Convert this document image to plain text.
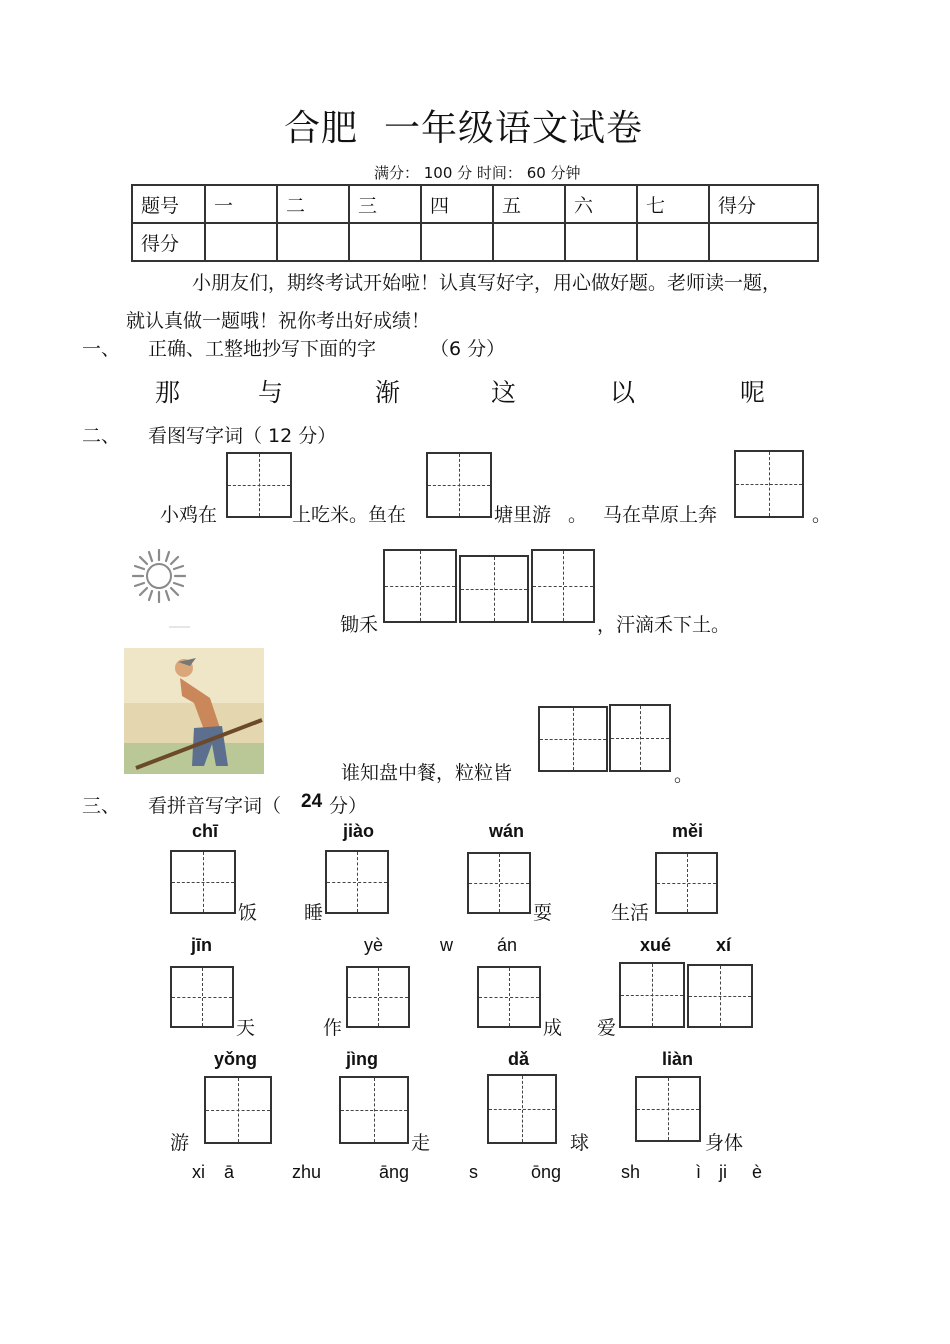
合肥 一年级语文试卷
满分： 100 分 时间： 60 分钟
题号	一	二	三	四	五	六	七	得分
得分								
小朋友们，期终考试开始啦！认真写好字，用心做好题。老师读一题，
就认真做一题哦！祝你考出好成绩！
一、 正确、工整地抄写下面的字	（6 分）
那	与	渐	这	以	呢
二、 看图写字词（ 12 分）
小鸡在	上吃米。鱼在	塘里游 。 马在草原上奔	。
锄禾	，汗滴禾下土。
谁知盘中餐，粒粒皆	。
三、 看拼音写字词（ 24 分）
chī	jiào	wán	měi
饭 睡	耍	生活
jīn	yè	w án	xué xí
天	作	成 爱
yǒng	jìng	dǎ	liàn
游	走	球	身体
xi ā	zhu	āng	s	ōng	sh	ì ji è
